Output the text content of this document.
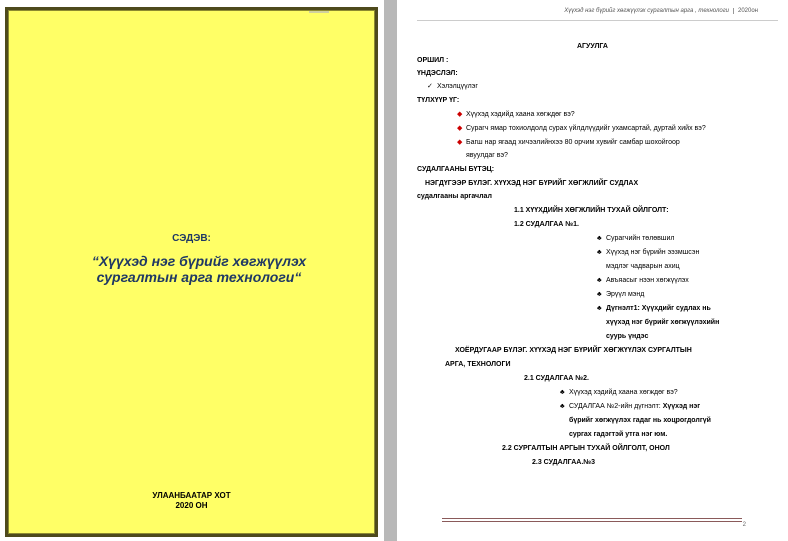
СЭДЭВ:
“Хүүхэд нэг бүрийг хөгжүүлэх
сургалтын арга технологи“
УЛААНБААТАР ХОТ
2020 ОН
Хүүхэд нэг бүрийг хөгжүүлэх сургалтын арга , технологи 2020он
АГУУЛГА
ОРШИЛ :
ҮНДЭСЛЭЛ:
✓ Хэлэлцүүлэг
ТҮЛХҮҮР ҮГ:
◆ Хүүхэд хэдийд хаана хөгждөг вэ?
◆ Сурагч ямар тохиолдолд сурах үйлдлүүдийг ухамсартай, дуртай хийх вэ?
◆ Багш нар ягаад хичээлийнхээ 80 орчим хувийг самбар шохойгоор
явуулдаг вэ?
СУДАЛГААНЫ БҮТЭЦ:
НЭГДҮГЭЭР БҮЛЭГ. ХҮҮХЭД НЭГ БҮРИЙГ ХӨГЖЛИЙГ СУДЛАХ
судалгааны аргачлал
1.1 ХҮҮХДИЙН ХӨГЖЛИЙН ТУХАЙ ОЙЛГОЛТ:
1.2 СУДАЛГАА №1.
♣ Сурагчийн төлөвшил
♣ Хүүхэд нэг бүрийн ээзмшсэн
мэдлэг чадварын ахиц
♣ Авъяасыг нээн хөгжүүлэх
♣ Эрүүл мэнд
♣ Дүгнэлт1: Хүүхдийг судлах нь
хүүхэд нэг бүрийг хөгжүүлэхийн
суурь үндэс
ХОЁРДУГААР БҮЛЭГ. ХҮҮХЭД НЭГ БҮРИЙГ ХӨГЖҮҮЛЭХ СУРГАЛТЫН
АРГА, ТЕХНОЛОГИ
2.1 СУДАЛГАА №2.
♣ Хүүхэд хэдийд хаана хөгждөг вэ?
♣ СУДАЛГАА №2-ийн дүгнэлт: Хүүхэд нэг
бүрийг хөгжүүлэх гадаг нь хоцрогдолгүй
сургах гадэгтэй утга нэг юм.
2.2 СУРГАЛТЫН АРГЫН ТУХАЙ ОЙЛГОЛТ, ОНОЛ
2.3 СУДАЛГАА.№3
2
